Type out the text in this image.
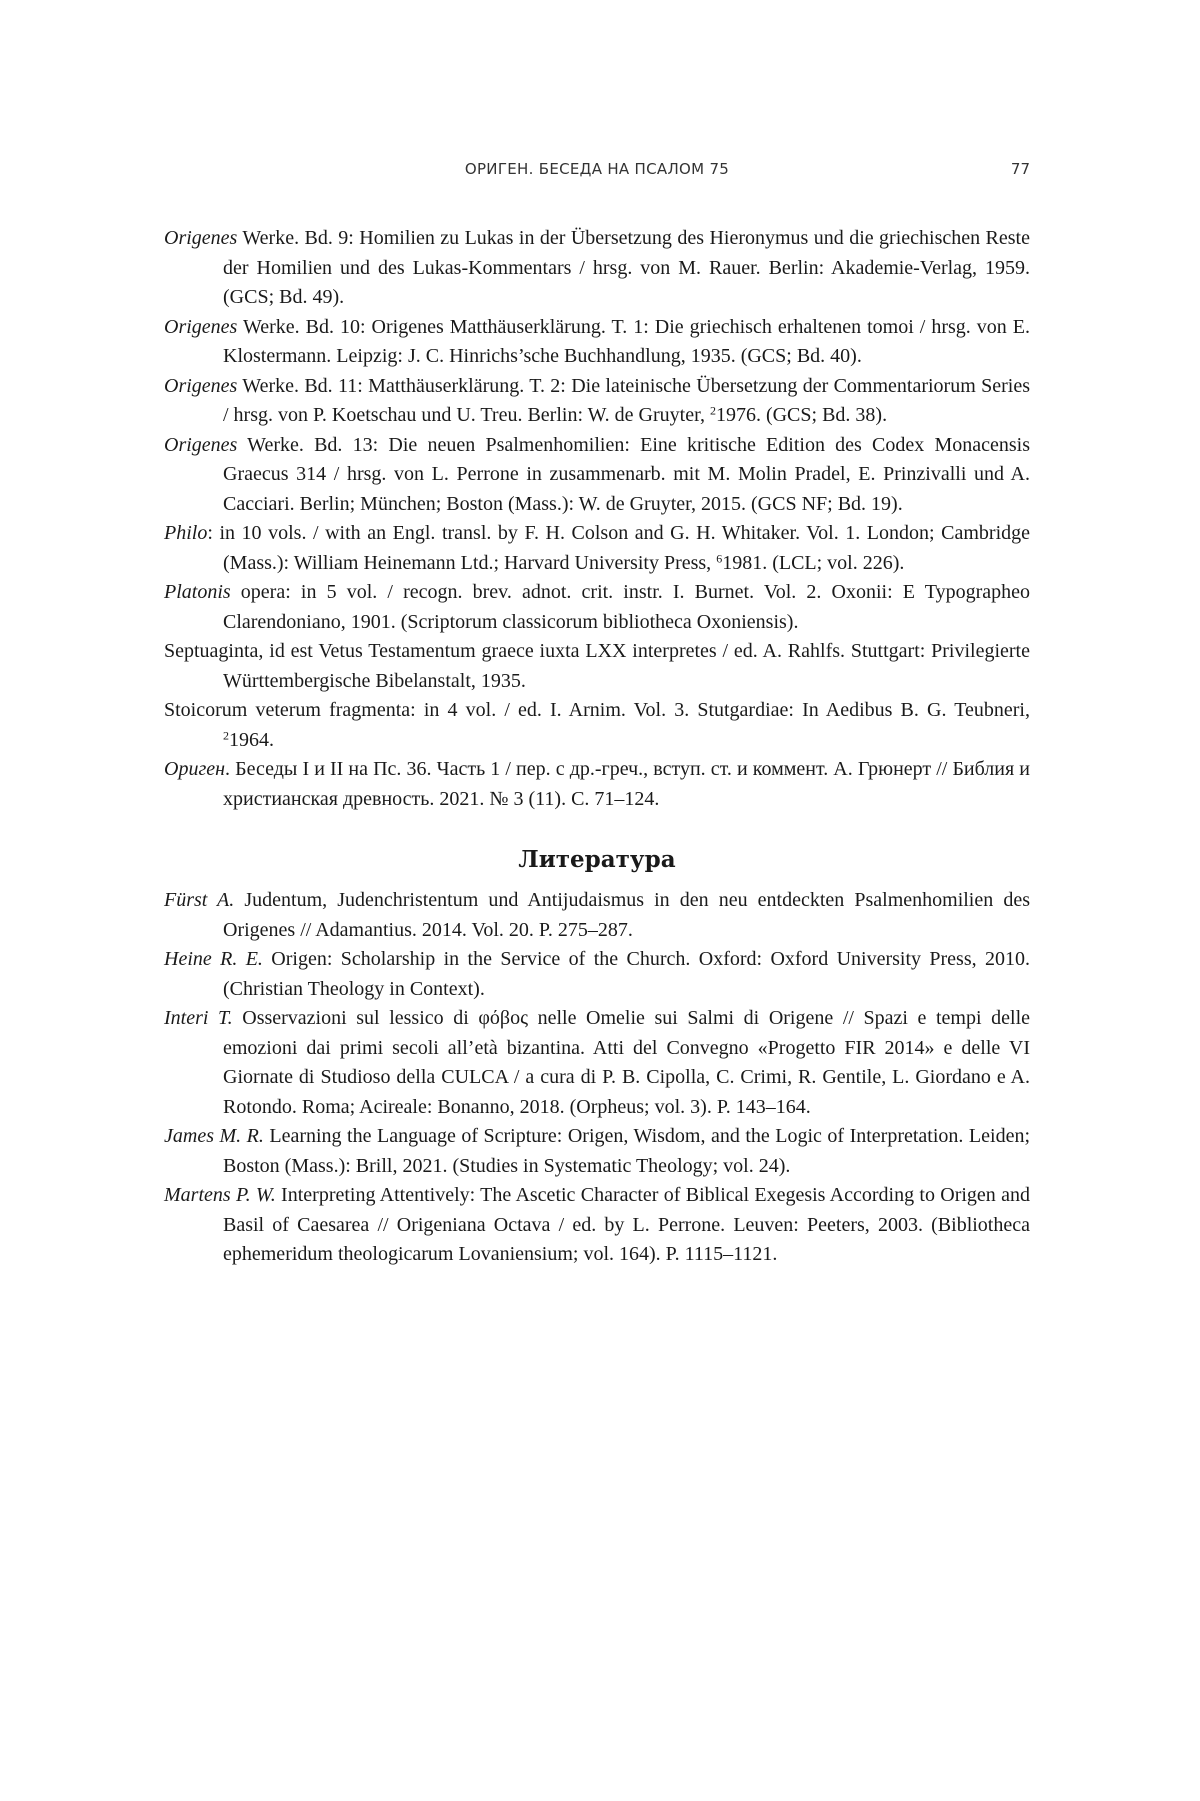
ОРИГЕН. БЕСЕДА НА ПСАЛОМ 75	77

Origenes Werke. Bd. 9: Homilien zu Lukas in der Übersetzung des Hieronymus und die griechischen Reste der Homilien und des Lukas-Kommentars / hrsg. von M. Rauer. Berlin: Akademie-Verlag, 1959. (GCS; Bd. 49).

Origenes Werke. Bd. 10: Origenes Matthäuserklärung. T. 1: Die griechisch erhaltenen tomoi / hrsg. von E. Klostermann. Leipzig: J. C. Hinrichs’sche Buchhandlung, 1935. (GCS; Bd. 40).

Origenes Werke. Bd. 11: Matthäuserklärung. T. 2: Die lateinische Übersetzung der Commentariorum Series / hrsg. von P. Koetschau und U. Treu. Berlin: W. de Gruyter, $^2$1976. (GCS; Bd. 38).

Origenes Werke. Bd. 13: Die neuen Psalmenhomilien: Eine kritische Edition des Codex Monacensis Graecus 314 / hrsg. von L. Perrone in zusammenarb. mit M. Molin Pradel, E. Prinzivalli und A. Cacciari. Berlin; München; Boston (Mass.): W. de Gruyter, 2015. (GCS NF; Bd. 19).

Philo: in 10 vols. / with an Engl. transl. by F. H. Colson and G. H. Whitaker. Vol. 1. London; Cambridge (Mass.): William Heinemann Ltd.; Harvard University Press, $^6$1981. (LCL; vol. 226).

Platonis opera: in 5 vol. / recogn. brev. adnot. crit. instr. I. Burnet. Vol. 2. Oxonii: E Typographeo Clarendoniano, 1901. (Scriptorum classicorum bibliotheca Oxoniensis).

Septuaginta, id est Vetus Testamentum graece iuxta LXX interpretes / ed. A. Rahlfs. Stuttgart: Privilegierte Württembergische Bibelanstalt, 1935.

Stoicorum veterum fragmenta: in 4 vol. / ed. I. Arnim. Vol. 3. Stutgardiae: In Aedibus B. G. Teubneri, $^2$1964.

Ориген. Беседы I и II на Пс. 36. Часть 1 / пер. с др.-греч., вступ. ст. и коммент. А. Грюнерт // Библия и христианская древность. 2021. № 3 (11). С. 71–124.

Литература

Fürst A. Judentum, Judenchristentum und Antijudaismus in den neu entdeckten Psalmenhomilien des Origenes // Adamantius. 2014. Vol. 20. P. 275–287.

Heine R. E. Origen: Scholarship in the Service of the Church. Oxford: Oxford University Press, 2010. (Christian Theology in Context).

Interi T. Osservazioni sul lessico di φόβος nelle Omelie sui Salmi di Origene // Spazi e tempi delle emozioni dai primi secoli all’età bizantina. Atti del Convegno «Progetto FIR 2014» e delle VI Giornate di Studioso della CULCA / a cura di P. B. Cipolla, C. Crimi, R. Gentile, L. Giordano e A. Rotondo. Roma; Acireale: Bonanno, 2018. (Orpheus; vol. 3). P. 143–164.

James M. R. Learning the Language of Scripture: Origen, Wisdom, and the Logic of Interpretation. Leiden; Boston (Mass.): Brill, 2021. (Studies in Systematic Theology; vol. 24).

Martens P. W. Interpreting Attentively: The Ascetic Character of Biblical Exegesis According to Origen and Basil of Caesarea // Origeniana Octava / ed. by L. Perrone. Leuven: Peeters, 2003. (Bibliotheca ephemeridum theologicarum Lovaniensium; vol. 164). P. 1115–1121.
